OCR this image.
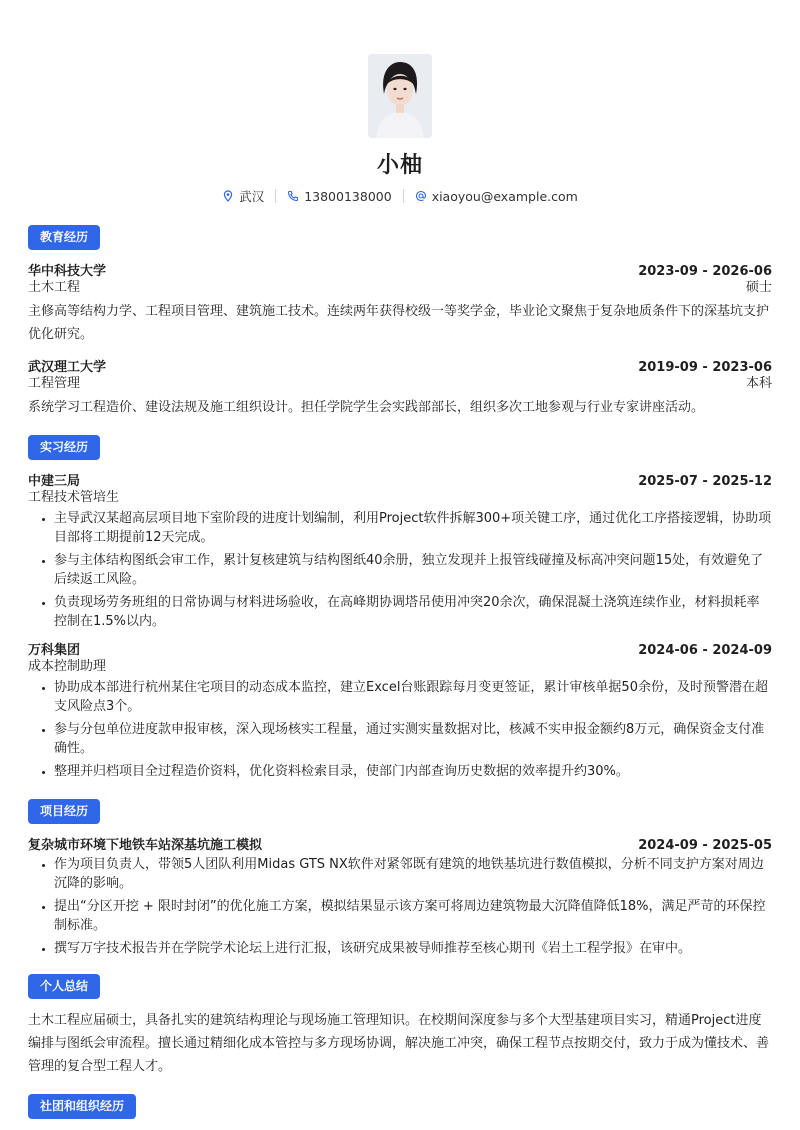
小柚
武汉	13800138000	xiaoyou@example.com
教育经历
华中科技大学	2023-09 - 2026-06
土木工程	硕士
主修高等结构力学、工程项目管理、建筑施工技术。连续两年获得校级一等奖学金，毕业论文聚焦于复杂地质条件下的深基坑支护优化研究。
武汉理工大学	2019-09 - 2023-06
工程管理	本科
系统学习工程造价、建设法规及施工组织设计。担任学院学生会实践部部长，组织多次工地参观与行业专家讲座活动。
实习经历
中建三局	2025-07 - 2025-12
工程技术管培生
• 主导武汉某超高层项目地下室阶段的进度计划编制，利用Project软件拆解300+项关键工序，通过优化工序搭接逻辑，协助项目部将工期提前12天完成。
• 参与主体结构图纸会审工作，累计复核建筑与结构图纸40余册，独立发现并上报管线碰撞及标高冲突问题15处，有效避免了后续返工风险。
• 负责现场劳务班组的日常协调与材料进场验收，在高峰期协调塔吊使用冲突20余次，确保混凝土浇筑连续作业，材料损耗率控制在1.5%以内。
万科集团	2024-06 - 2024-09
成本控制助理
• 协助成本部进行杭州某住宅项目的动态成本监控，建立Excel台账跟踪每月变更签证，累计审核单据50余份，及时预警潜在超支风险点3个。
• 参与分包单位进度款申报审核，深入现场核实工程量，通过实测实量数据对比，核减不实申报金额约8万元，确保资金支付准确性。
• 整理并归档项目全过程造价资料，优化资料检索目录，使部门内部查询历史数据的效率提升约30%。
项目经历
复杂城市环境下地铁车站深基坑施工模拟	2024-09 - 2025-05
• 作为项目负责人，带领5人团队利用Midas GTS NX软件对紧邻既有建筑的地铁基坑进行数值模拟，分析不同支护方案对周边沉降的影响。
• 提出“分区开挖 + 限时封闭”的优化施工方案，模拟结果显示该方案可将周边建筑物最大沉降值降低18%，满足严苛的环保控制标准。
• 撰写万字技术报告并在学院学术论坛上进行汇报，该研究成果被导师推荐至核心期刊《岩土工程学报》在审中。
个人总结
土木工程应届硕士，具备扎实的建筑结构理论与现场施工管理知识。在校期间深度参与多个大型基建项目实习，精通Project进度编排与图纸会审流程。擅长通过精细化成本管控与多方现场协调，解决施工冲突，确保工程节点按期交付，致力于成为懂技术、善管理的复合型工程人才。
社团和组织经历
